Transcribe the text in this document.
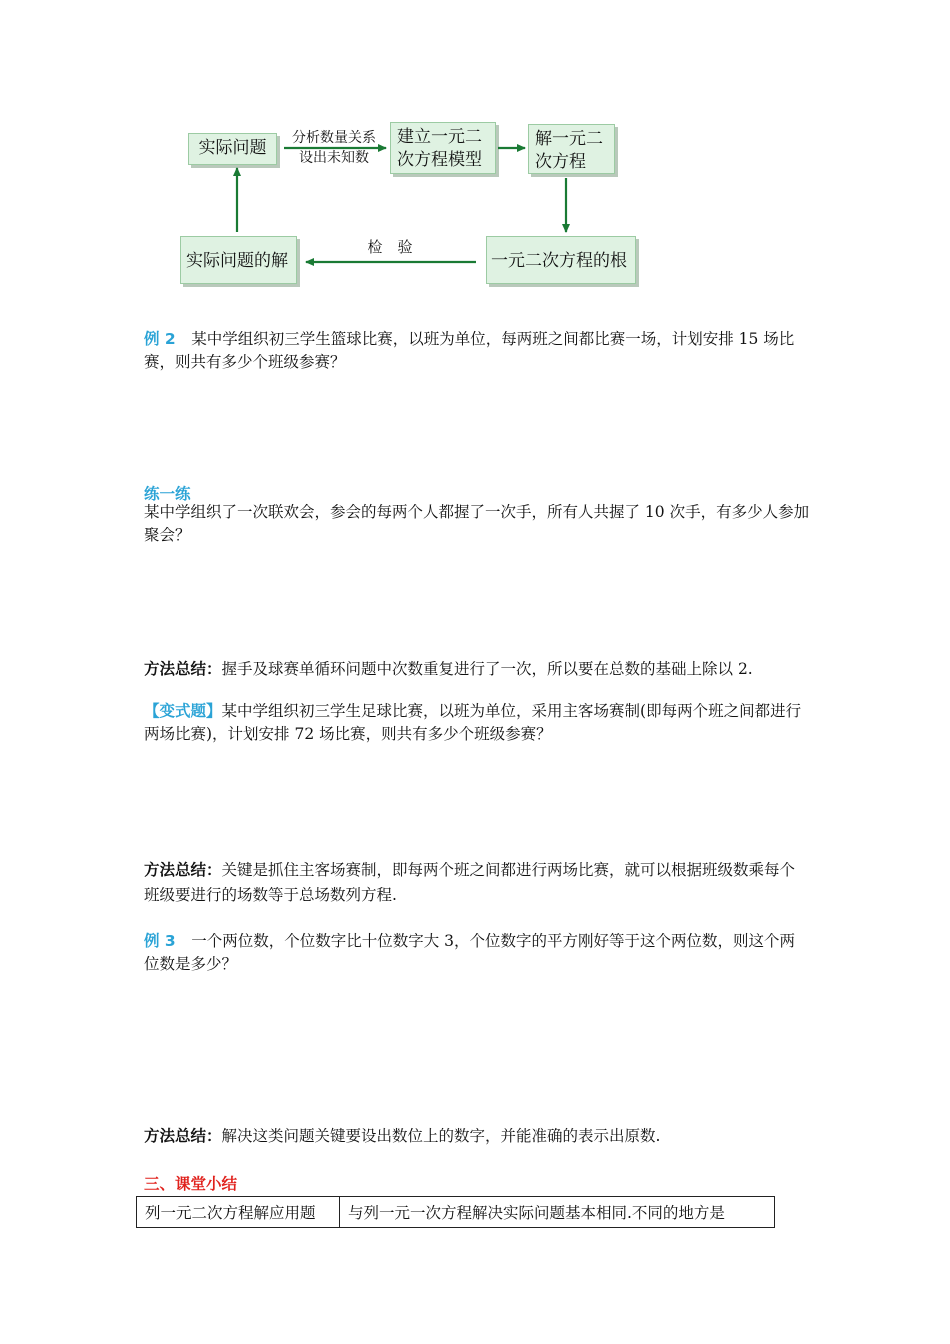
实际问题	分析数量关系
设出未知数
建立一元二
次方程模型
解一元二
次方程
一元二次方程的根
检　验
实际问题的解
例 2　某中学组织初三学生篮球比赛，以班为单位，每两班之间都比赛一场，计划安排 15 场比赛，则共有多少个班级参赛？
练一练
某中学组织了一次联欢会，参会的每两个人都握了一次手，所有人共握了 10 次手，有多少人参加聚会？
方法总结：握手及球赛单循环问题中次数重复进行了一次，所以要在总数的基础上除以 2.
【变式题】某中学组织初三学生足球比赛，以班为单位，采用主客场赛制(即每两个班之间都进行两场比赛)，计划安排 72 场比赛，则共有多少个班级参赛？
方法总结：关键是抓住主客场赛制，即每两个班之间都进行两场比赛，就可以根据班级数乘每个班级要进行的场数等于总场数列方程.
例 3　一个两位数，个位数字比十位数字大 3，个位数字的平方刚好等于这个两位数，则这个两位数是多少？
方法总结：解决这类问题关键要设出数位上的数字，并能准确的表示出原数.
三、课堂小结
列一元二次方程解应用题	与列一元一次方程解决实际问题基本相同.不同的地方是
